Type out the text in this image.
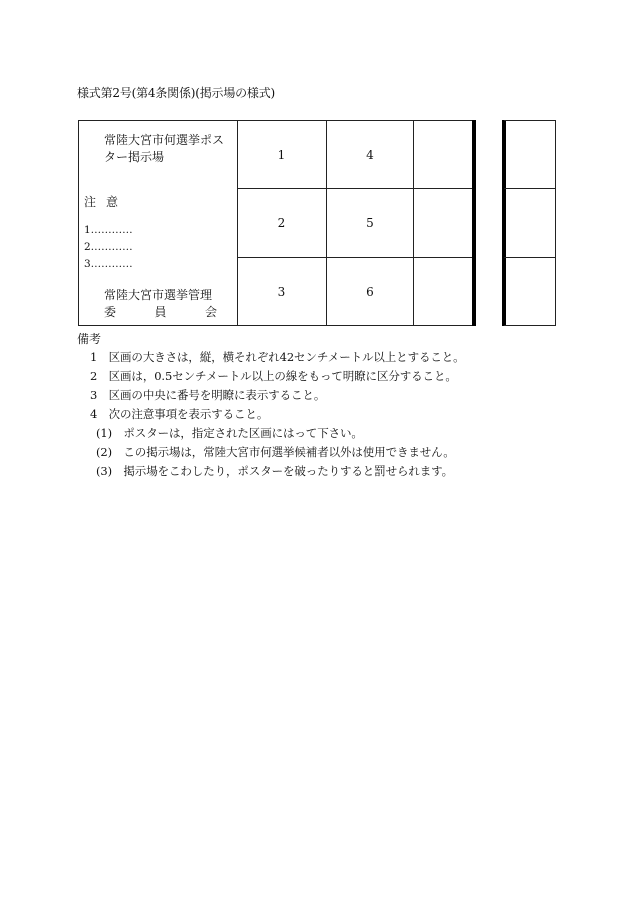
様式第2号(第4条関係)(掲示場の様式)
常陸大宮市何選挙ポスター掲示場
注意
1…………
2…………
3…………
常陸大宮市選挙管理
委	員	会
1	4
2	5
3	6
備考
1　区画の大きさは，縦，横それぞれ42センチメートル以上とすること。
2　区画は，0.5センチメートル以上の線をもって明瞭に区分すること。
3　区画の中央に番号を明瞭に表示すること。
4　次の注意事項を表示すること。
(1)　ポスターは，指定された区画にはって下さい。
(2)　この掲示場は，常陸大宮市何選挙候補者以外は使用できません。
(3)　掲示場をこわしたり，ポスターを破ったりすると罰せられます。
